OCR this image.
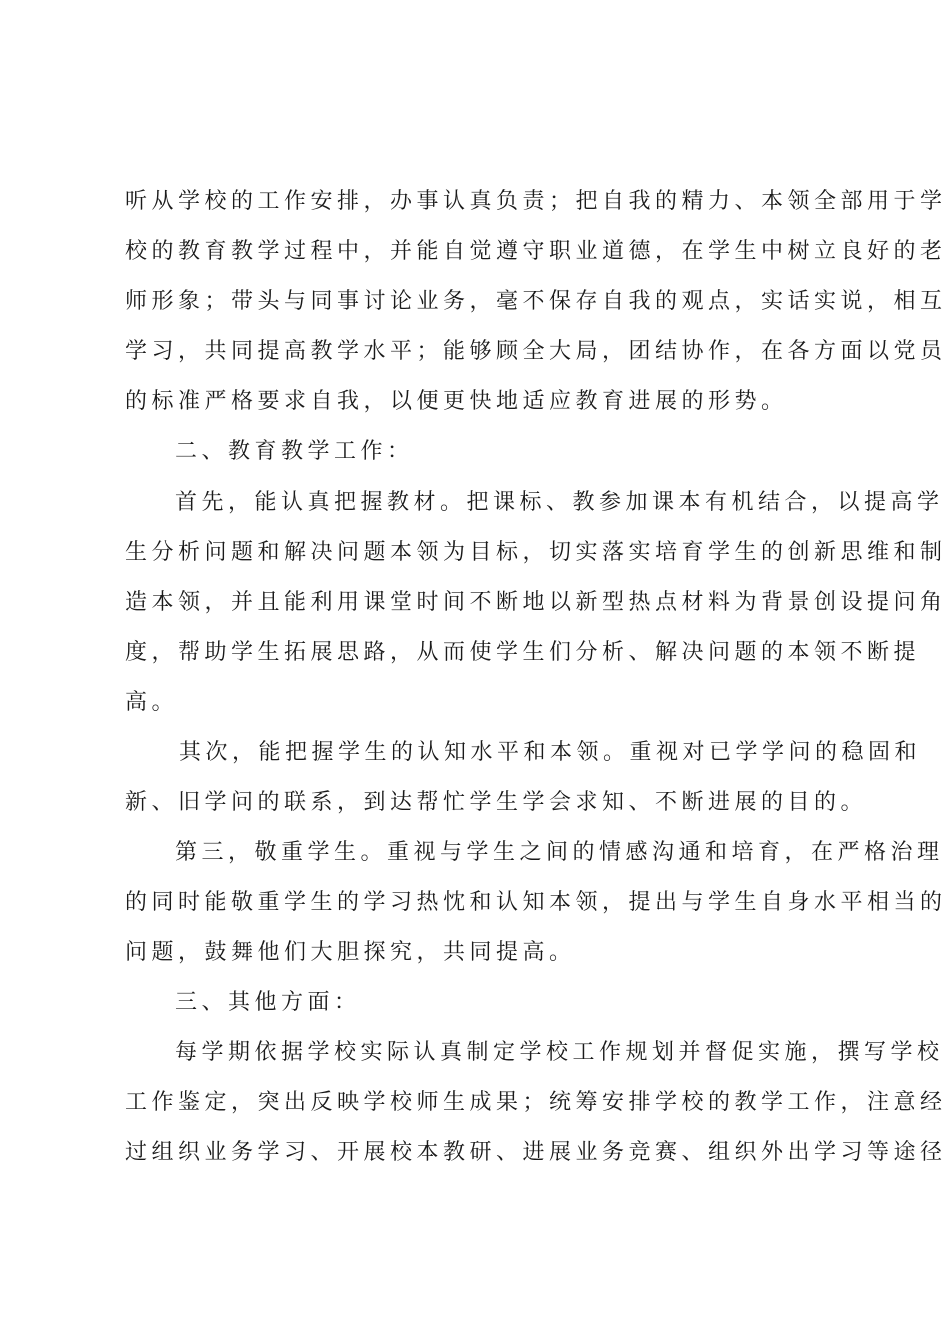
听从学校的工作安排，办事认真负责；把自我的精力、本领全部用于学
校的教育教学过程中，并能自觉遵守职业道德，在学生中树立良好的老
师形象；带头与同事讨论业务，毫不保存自我的观点，实话实说，相互
学习，共同提高教学水平；能够顾全大局，团结协作，在各方面以党员
的标准严格要求自我，以便更快地适应教育进展的形势。
二、教育教学工作：
首先，能认真把握教材。把课标、教参加课本有机结合，以提高学
生分析问题和解决问题本领为目标，切实落实培育学生的创新思维和制
造本领，并且能利用课堂时间不断地以新型热点材料为背景创设提问角
度，帮助学生拓展思路，从而使学生们分析、解决问题的本领不断提
高。
其次，能把握学生的认知水平和本领。重视对已学学问的稳固和
新、旧学问的联系，到达帮忙学生学会求知、不断进展的目的。
第三，敬重学生。重视与学生之间的情感沟通和培育，在严格治理
的同时能敬重学生的学习热忱和认知本领，提出与学生自身水平相当的
问题，鼓舞他们大胆探究，共同提高。
三、其他方面：
每学期依据学校实际认真制定学校工作规划并督促实施，撰写学校
工作鉴定，突出反映学校师生成果；统筹安排学校的教学工作，注意经
过组织业务学习、开展校本教研、进展业务竞赛、组织外出学习等途径
